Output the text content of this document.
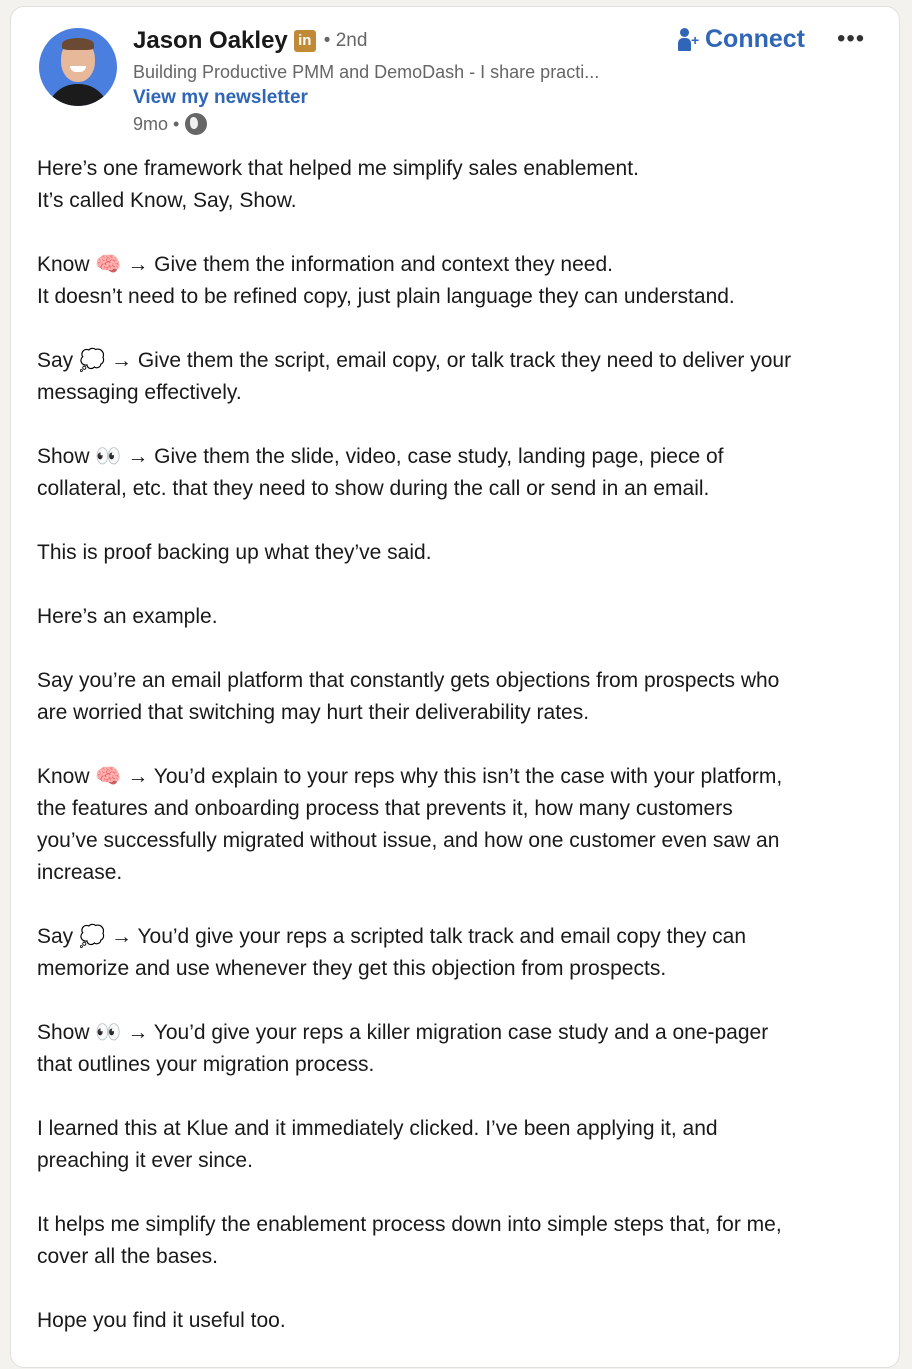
Jason Oakley in • 2nd
Building Productive PMM and DemoDash - I share practi...
View my newsletter
9mo •
+ Connect •••

Here’s one framework that helped me simplify sales enablement.
It’s called Know, Say, Show.

Know 🧠 → Give them the information and context they need.
It doesn’t need to be refined copy, just plain language they can understand.

Say 💭 → Give them the script, email copy, or talk track they need to deliver your
messaging effectively.

Show 👀 → Give them the slide, video, case study, landing page, piece of
collateral, etc. that they need to show during the call or send in an email.

This is proof backing up what they’ve said.

Here’s an example.

Say you’re an email platform that constantly gets objections from prospects who
are worried that switching may hurt their deliverability rates.

Know 🧠 → You’d explain to your reps why this isn’t the case with your platform,
the features and onboarding process that prevents it, how many customers
you’ve successfully migrated without issue, and how one customer even saw an
increase.

Say 💭 → You’d give your reps a scripted talk track and email copy they can
memorize and use whenever they get this objection from prospects.

Show 👀 → You’d give your reps a killer migration case study and a one-pager
that outlines your migration process.

I learned this at Klue and it immediately clicked. I’ve been applying it, and
preaching it ever since.

It helps me simplify the enablement process down into simple steps that, for me,
cover all the bases.

Hope you find it useful too.
